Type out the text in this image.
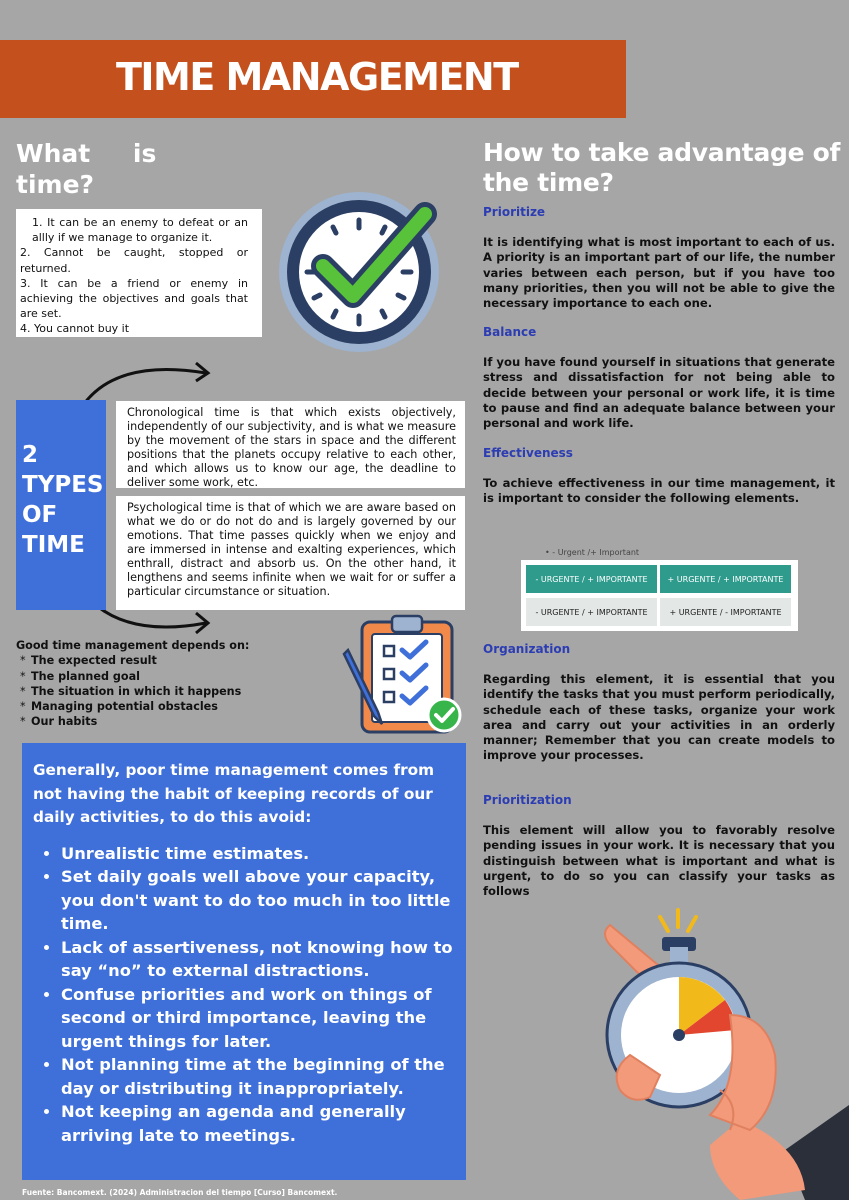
TIME MANAGEMENT
What is time?
How to take advantage of the time?
1. It can be an enemy to defeat or an allly if we manage to organize it.
2. Cannot be caught, stopped or returned.
3. It can be a friend or enemy in achieving the objectives and goals that are set.
4. You cannot buy it
2
TYPES
OF
TIME
Chronological time is that which exists objectively, independently of our subjectivity, and is what we measure by the movement of the stars in space and the different positions that the planets occupy relative to each other, and which allows us to know our age, the deadline to deliver some work, etc.
Psychological time is that of which we are aware based on what we do or do not do and is largely governed by our emotions. That time passes quickly when we enjoy and are immersed in intense and exalting experiences, which enthrall, distract and absorb us. On the other hand, it lengthens and seems infinite when we wait for or suffer a particular circumstance or situation.
Good time management depends on:
* The expected result
* The planned goal
* The situation in which it happens
* Managing potential obstacles
* Our habits
Generally, poor time management comes from not having the habit of keeping records of our daily activities, to do this avoid:
• Unrealistic time estimates.
• Set daily goals well above your capacity, you don't want to do too much in too little time.
• Lack of assertiveness, not knowing how to say “no” to external distractions.
• Confuse priorities and work on things of second or third importance, leaving the urgent things for later.
• Not planning time at the beginning of the day or distributing it inappropriately.
• Not keeping an agenda and generally arriving late to meetings.
Fuente: Bancomext. (2024) Administracion del tiempo [Curso] Bancomext.
Prioritize
It is identifying what is most important to each of us. A priority is an important part of our life, the number varies between each person, but if you have too many priorities, then you will not be able to give the necessary importance to each one.
Balance
If you have found yourself in situations that generate stress and dissatisfaction for not being able to decide between your personal or work life, it is time to pause and find an adequate balance between your personal and work life.
Effectiveness
To achieve effectiveness in our time management, it is important to consider the following elements.
• - Urgent /+ Important
- URGENTE / + IMPORTANTE	+ URGENTE / + IMPORTANTE
- URGENTE / + IMPORTANTE	+ URGENTE / - IMPORTANTE
Organization
Regarding this element, it is essential that you identify the tasks that you must perform periodically, schedule each of these tasks, organize your work area and carry out your activities in an orderly manner; Remember that you can create models to improve your processes.
Prioritization
This element will allow you to favorably resolve pending issues in your work. It is necessary that you distinguish between what is important and what is urgent, to do so you can classify your tasks as follows
